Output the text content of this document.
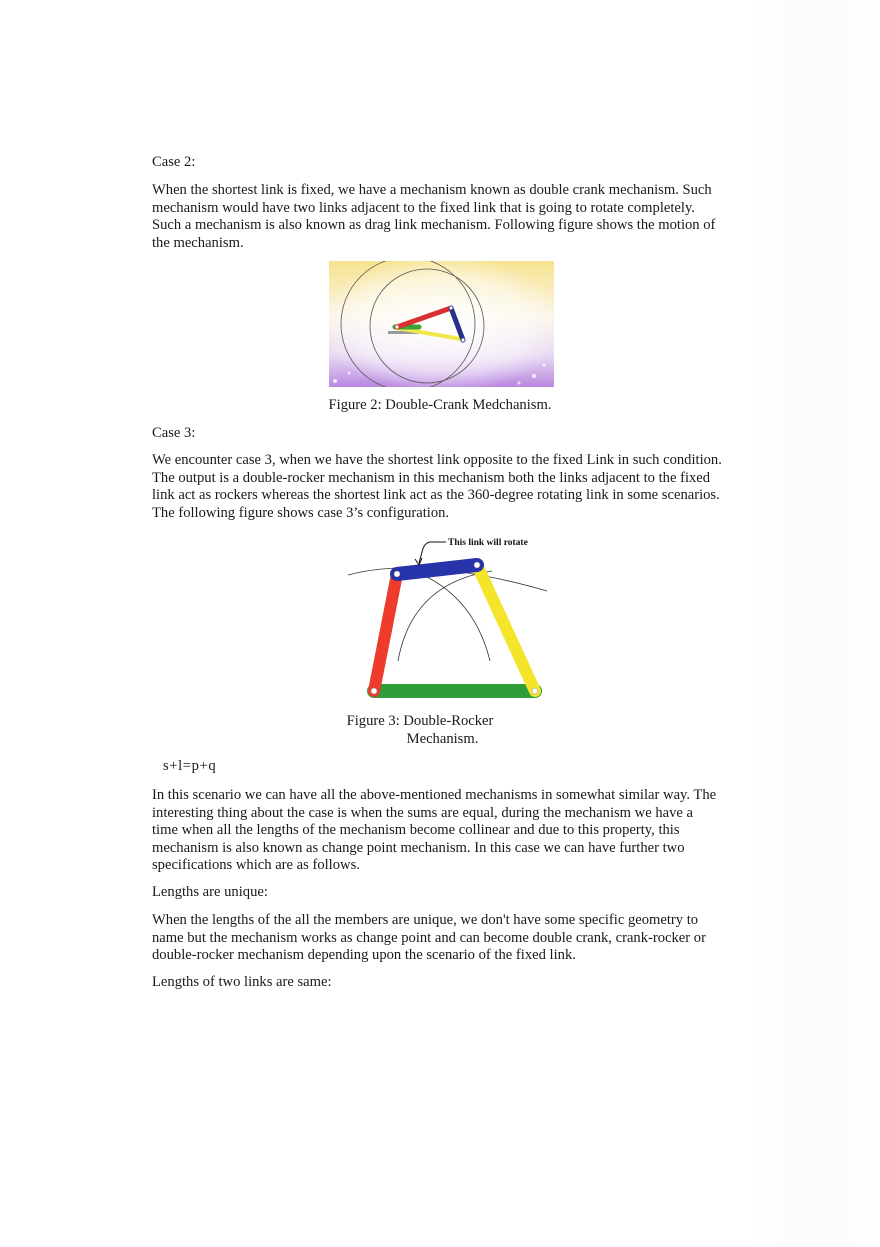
Case 2:

When the shortest link is fixed, we have a mechanism known as double crank mechanism. Such mechanism would have two links adjacent to the fixed link that is going to rotate completely. Such a mechanism is also known as drag link mechanism. Following figure shows the motion of the mechanism.

Figure 2: Double-Crank Medchanism.

Case 3:

We encounter case 3, when we have the shortest link opposite to the fixed Link in such condition. The output is a double-rocker mechanism in this mechanism both the links adjacent to the fixed link act as rockers whereas the shortest link act as the 360-degree rotating link in some scenarios. The following figure shows case 3’s configuration.

This link will rotate

Figure 3: Double-Rocker

Mechanism.

s+l=p+q

In this scenario we can have all the above-mentioned mechanisms in somewhat similar way. The interesting thing about the case is when the sums are equal, during the mechanism we have a time when all the lengths of the mechanism become collinear and due to this property, this mechanism is also known as change point mechanism. In this case we can have further two specifications which are as follows.

Lengths are unique:

When the lengths of the all the members are unique, we don't have some specific geometry to name but the mechanism works as change point and can become double crank, crank-rocker or double-rocker mechanism depending upon the scenario of the fixed link.

Lengths of two links are same:
